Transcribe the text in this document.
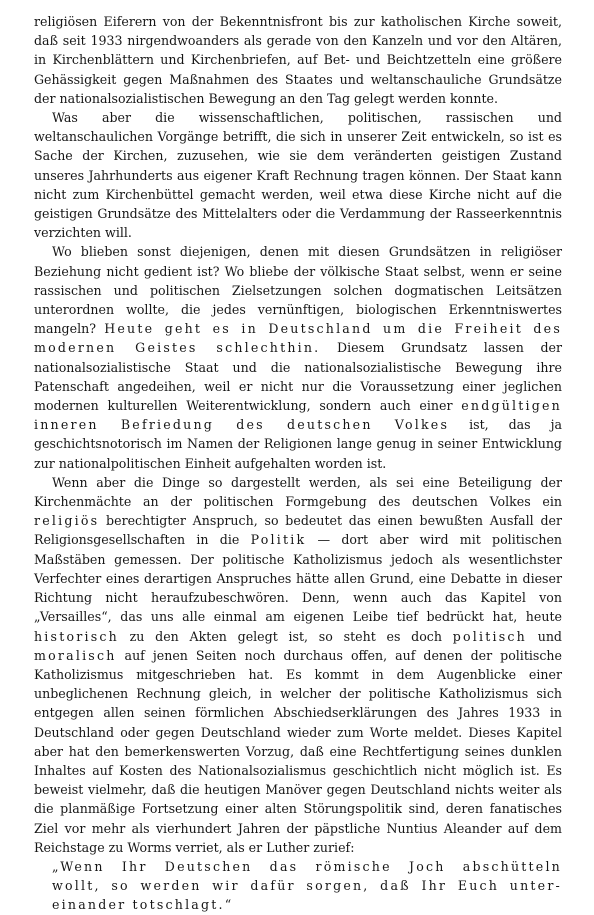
religiösen Eiferern von der Bekenntnisfront bis zur katholischen Kirche soweit, daß seit 1933 nirgendwoanders als gerade von den Kanzeln und vor den Altären, in Kirchenblättern und Kirchenbriefen, auf Bet- und Beichtzetteln eine größere Gehässigkeit gegen Maßnahmen des Staates und weltanschauliche Grundsätze der nationalsozialistischen Bewegung an den Tag gelegt werden konnte.

Was aber die wissenschaftlichen, politischen, rassischen und weltanschaulichen Vorgänge betrifft, die sich in unserer Zeit entwickeln, so ist es Sache der Kirchen, zuzusehen, wie sie dem veränderten geistigen Zustand unseres Jahrhunderts aus eigener Kraft Rechnung tragen können. Der Staat kann nicht zum Kirchenbüttel gemacht werden, weil etwa diese Kirche nicht auf die geistigen Grundsätze des Mittelalters oder die Verdammung der Rasseerkenntnis verzichten will.

Wo blieben sonst diejenigen, denen mit diesen Grundsätzen in religiöser Beziehung nicht gedient ist? Wo bliebe der völkische Staat selbst, wenn er seine rassischen und politischen Zielsetzungen solchen dogmatischen Leitsätzen unterordnen wollte, die jedes vernünftigen, biologischen Erkenntniswertes mangeln? Heute geht es in Deutschland um die Freiheit des modernen Geistes schlechthin. Diesem Grundsatz lassen der nationalsozialistische Staat und die nationalsozialistische Bewegung ihre Patenschaft angedeihen, weil er nicht nur die Voraussetzung einer jeglichen modernen kulturellen Weiterentwicklung, sondern auch einer endgültigen inneren Befriedung des deutschen Volkes ist, das ja geschichtsnotorisch im Namen der Religionen lange genug in seiner Entwicklung zur nationalpolitischen Einheit aufgehalten worden ist.

Wenn aber die Dinge so dargestellt werden, als sei eine Beteiligung der Kirchenmächte an der politischen Formgebung des deutschen Volkes ein religiös berechtigter Anspruch, so bedeutet das einen bewußten Ausfall der Religionsgesellschaften in die Politik — dort aber wird mit politischen Maßstäben gemessen. Der politische Katholizismus jedoch als wesentlichster Verfechter eines derartigen Anspruches hätte allen Grund, eine Debatte in dieser Richtung nicht heraufzubeschwören. Denn, wenn auch das Kapitel von „Versailles“, das uns alle einmal am eigenen Leibe tief bedrückt hat, heute historisch zu den Akten gelegt ist, so steht es doch politisch und moralisch auf jenen Seiten noch durchaus offen, auf denen der politische Katholizismus mitgeschrieben hat. Es kommt in dem Augenblicke einer unbeglichenen Rechnung gleich, in welcher der politische Katholizismus sich entgegen allen seinen förmlichen Abschiedserklärungen des Jahres 1933 in Deutschland oder gegen Deutschland wieder zum Worte meldet. Dieses Kapitel aber hat den bemerkenswerten Vorzug, daß eine Rechtfertigung seines dunklen Inhaltes auf Kosten des Nationalsozialismus geschichtlich nicht möglich ist. Es beweist vielmehr, daß die heutigen Manöver gegen Deutschland nichts weiter als die planmäßige Fortsetzung einer alten Störungspolitik sind, deren fanatisches Ziel vor mehr als vierhundert Jahren der päpstliche Nuntius Aleander auf dem Reichstage zu Worms verriet, als er Luther zurief:

„Wenn Ihr Deutschen das römische Joch abschütteln
wollt, so werden wir dafür sorgen, daß Ihr Euch unter-
einander totschlagt.“
